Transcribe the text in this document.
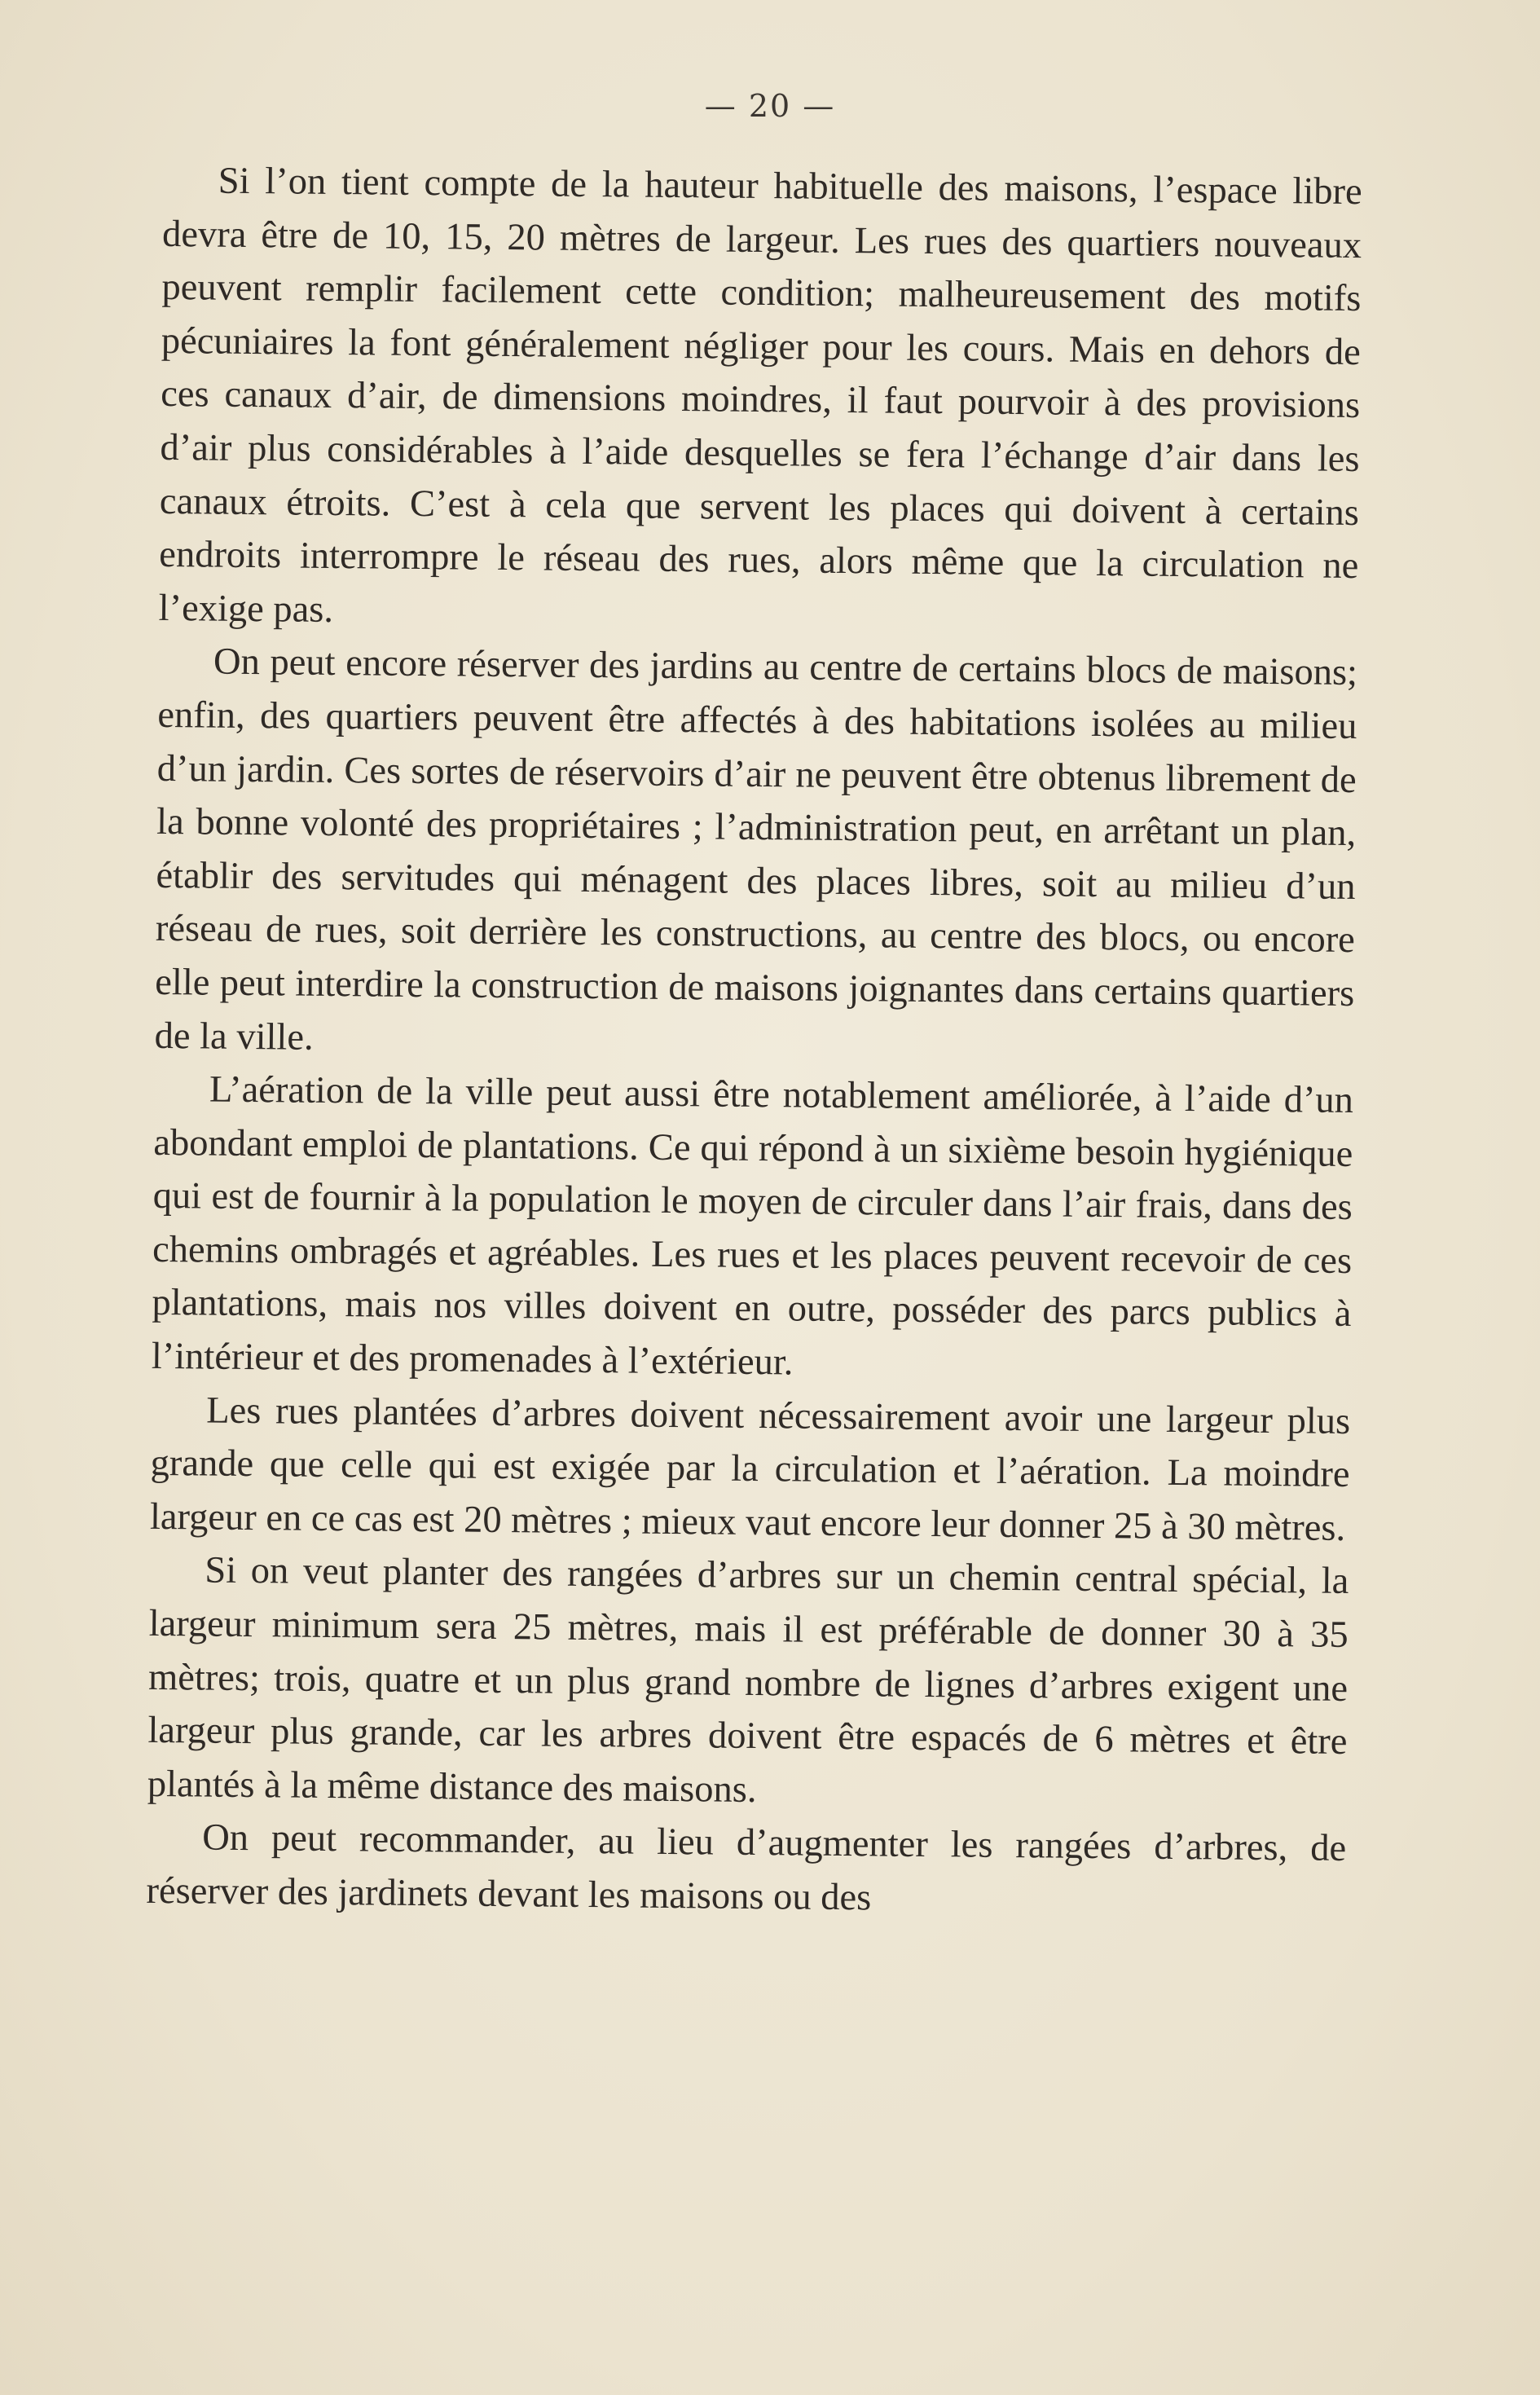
— 20 —

Si l’on tient compte de la hauteur habituelle des maisons, l’espace libre devra être de 10, 15, 20 mètres de largeur. Les rues des quartiers nouveaux peuvent remplir facilement cette condition; malheureusement des motifs pécuniaires la font généralement négliger pour les cours. Mais en dehors de ces canaux d’air, de dimensions moindres, il faut pourvoir à des provisions d’air plus considérables à l’aide desquelles se fera l’échange d’air dans les canaux étroits. C’est à cela que servent les places qui doivent à certains endroits interrompre le réseau des rues, alors même que la circulation ne l’exige pas.

On peut encore réserver des jardins au centre de certains blocs de maisons; enfin, des quartiers peuvent être affectés à des habitations isolées au milieu d’un jardin. Ces sortes de réservoirs d’air ne peuvent être obtenus librement de la bonne volonté des propriétaires ; l’administration peut, en arrêtant un plan, établir des servitudes qui ménagent des places libres, soit au milieu d’un réseau de rues, soit derrière les constructions, au centre des blocs, ou encore elle peut interdire la construction de maisons joignantes dans certains quartiers de la ville.

L’aération de la ville peut aussi être notablement améliorée, à l’aide d’un abondant emploi de plantations. Ce qui répond à un sixième besoin hygiénique qui est de fournir à la population le moyen de circuler dans l’air frais, dans des chemins ombragés et agréables. Les rues et les places peuvent recevoir de ces plantations, mais nos villes doivent en outre, posséder des parcs publics à l’intérieur et des promenades à l’extérieur.

Les rues plantées d’arbres doivent nécessairement avoir une largeur plus grande que celle qui est exigée par la circulation et l’aération. La moindre largeur en ce cas est 20 mètres ; mieux vaut encore leur donner 25 à 30 mètres.

Si on veut planter des rangées d’arbres sur un chemin central spécial, la largeur minimum sera 25 mètres, mais il est préférable de donner 30 à 35 mètres; trois, quatre et un plus grand nombre de lignes d’arbres exigent une largeur plus grande, car les arbres doivent être espacés de 6 mètres et être plantés à la même distance des maisons.

On peut recommander, au lieu d’augmenter les rangées d’arbres, de réserver des jardinets devant les maisons ou des
